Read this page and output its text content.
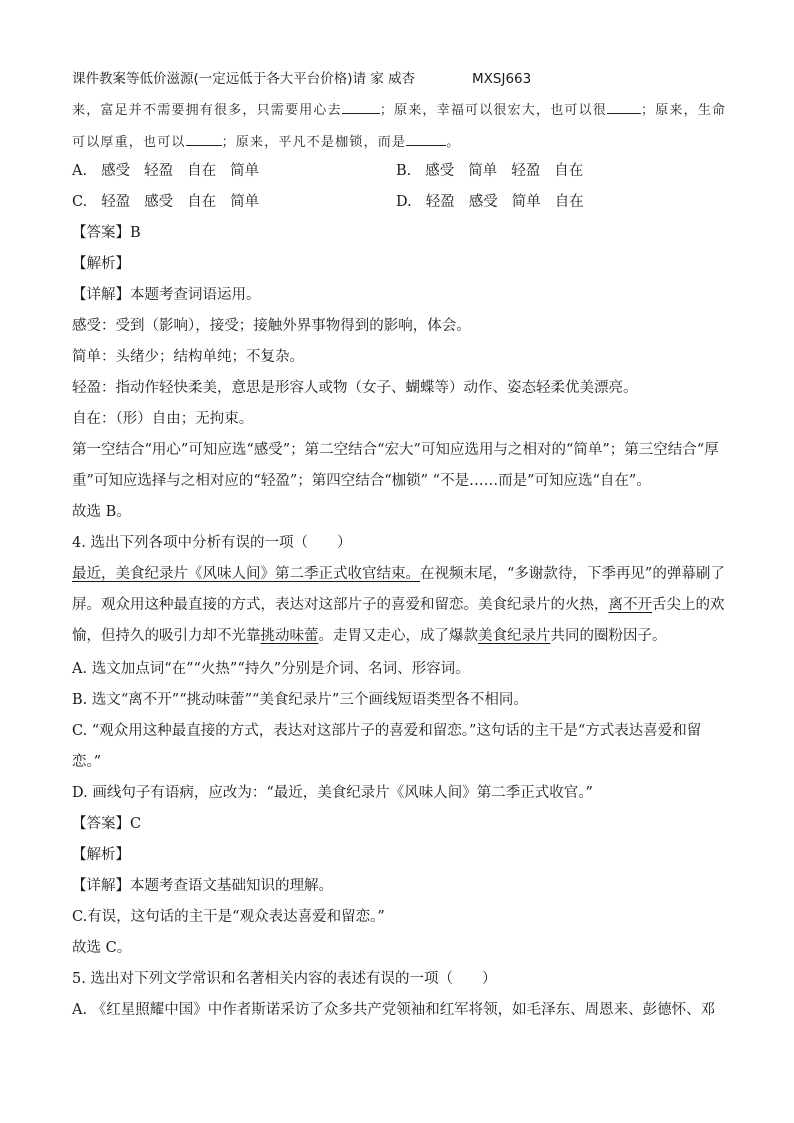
课件教案等低价滋源(一定远低于各大平台价格)请 家 威杏	MXSJ663
来，富足并不需要拥有很多，只需要用心去	；原来，幸福可以很宏大，也可以很	；原来，生命
可以厚重，也可以	；原来，平凡不是枷锁，而是	。
A. 感受 轻盈 自在 简单	B. 感受 简单 轻盈 自在
C. 轻盈 感受 自在 简单	D. 轻盈 感受 简单 自在
【答案】B
【解析】
【详解】本题考查词语运用。
感受：受到（影响），接受；接触外界事物得到的影响，体会。
简单：头绪少；结构单纯；不复杂。
轻盈：指动作轻快柔美，意思是形容人或物（女子、蝴蝶等）动作、姿态轻柔优美漂亮。
自在：（形）自由；无拘束。
第一空结合“用心”可知应选“感受”；第二空结合“宏大”可知应选用与之相对的“简单”；第三空结合“厚
重”可知应选择与之相对应的“轻盈”；第四空结合“枷锁” “不是……而是”可知应选“自在”。
故选 B。
4. 选出下列各项中分析有误的一项（　　）
最近，美食纪录片《风味人间》第二季正式收官结束。在视频末尾，“多谢款待，下季再见”的弹幕刷了
屏。观众用这种最直接的方式，表达对这部片子的喜爱和留恋。美食纪录片的火热，离不开舌尖上的欢
愉，但持久的吸引力却不光靠挑动味蕾。走胃又走心，成了爆款美食纪录片共同的圈粉因子。
A. 选文加点词“在”“火热”“持久”分别是介词、名词、形容词。
B. 选文“离不开”“挑动味蕾”“美食纪录片”三个画线短语类型各不相同。
C. “观众用这种最直接的方式，表达对这部片子的喜爱和留恋。”这句话的主干是“方式表达喜爱和留
恋。”
D. 画线句子有语病，应改为：“最近，美食纪录片《风味人间》第二季正式收官。”
【答案】C
【解析】
【详解】本题考查语文基础知识的理解。
C.有误，这句话的主干是“观众表达喜爱和留恋。”
故选 C。
5. 选出对下列文学常识和名著相关内容的表述有误的一项（　　）
A. 《红星照耀中国》中作者斯诺采访了众多共产党领袖和红军将领，如毛泽东、周恩来、彭德怀、邓
